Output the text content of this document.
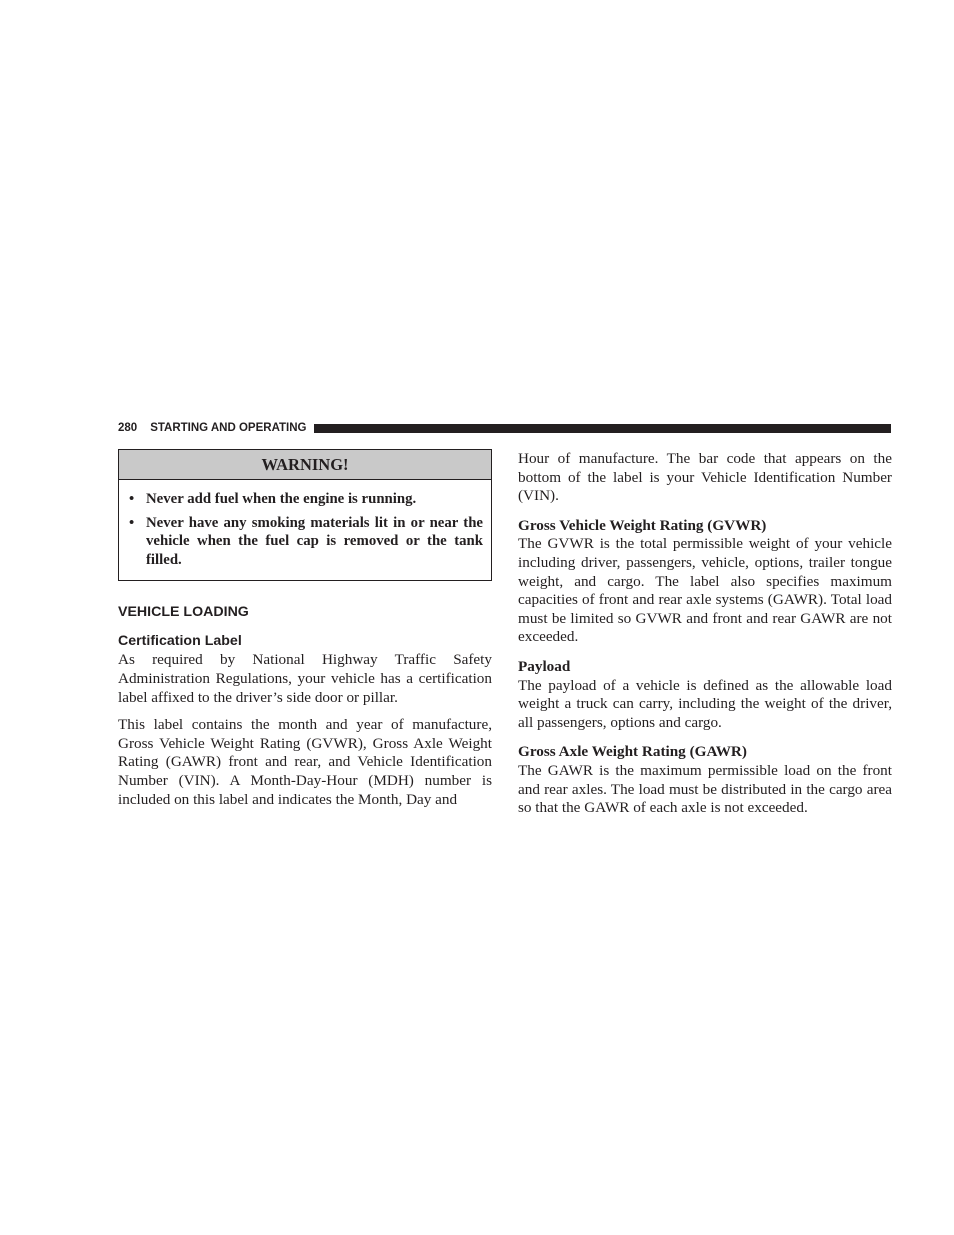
280 STARTING AND OPERATING
WARNING!
• Never add fuel when the engine is running.
• Never have any smoking materials lit in or near the vehicle when the fuel cap is removed or the tank filled.
VEHICLE LOADING
Certification Label

As required by National Highway Traffic Safety Administration Regulations, your vehicle has a certification label affixed to the driver’s side door or pillar.

This label contains the month and year of manufacture, Gross Vehicle Weight Rating (GVWR), Gross Axle Weight Rating (GAWR) front and rear, and Vehicle Identification Number (VIN). A Month-Day-Hour (MDH) number is included on this label and indicates the Month, Day and

Hour of manufacture. The bar code that appears on the bottom of the label is your Vehicle Identification Number (VIN).

Gross Vehicle Weight Rating (GVWR)

The GVWR is the total permissible weight of your vehicle including driver, passengers, vehicle, options, trailer tongue weight, and cargo. The label also specifies maximum capacities of front and rear axle systems (GAWR). Total load must be limited so GVWR and front and rear GAWR are not exceeded.

Payload

The payload of a vehicle is defined as the allowable load weight a truck can carry, including the weight of the driver, all passengers, options and cargo.

Gross Axle Weight Rating (GAWR)

The GAWR is the maximum permissible load on the front and rear axles. The load must be distributed in the cargo area so that the GAWR of each axle is not exceeded.
